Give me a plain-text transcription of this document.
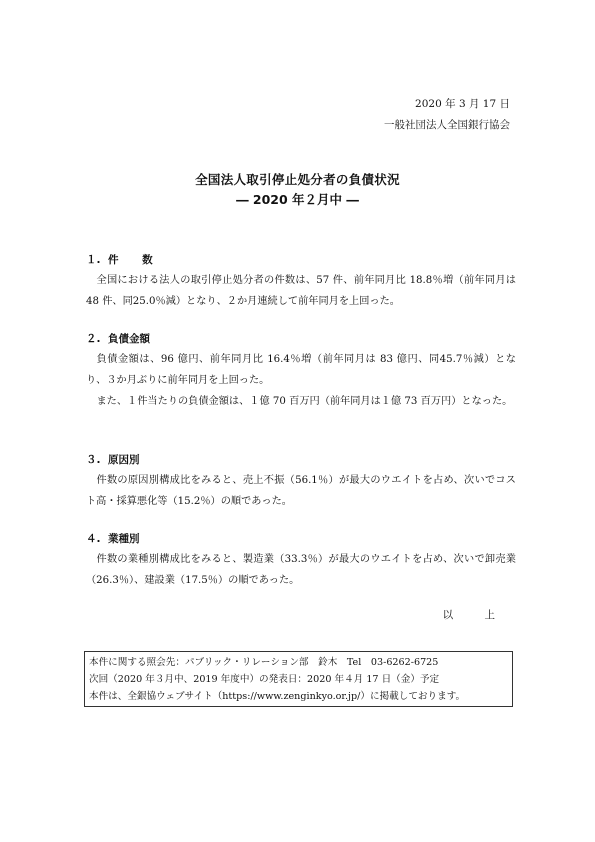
2020 年 3 月 17 日
一般社団法人全国銀行協会
全国法人取引停止処分者の負債状況
― 2020 年２月中 ―
１. 件 数

全国における法人の取引停止処分者の件数は、57 件、前年同月比 18.8％増（前年同月は 48 件、同25.0％減）となり、２か月連続して前年同月を上回った。

２. 負債金額

負債金額は、96 億円、前年同月比 16.4％増（前年同月は 83 億円、同45.7％減）となり、３か月ぶりに前年同月を上回った。

また、１件当たりの負債金額は、１億 70 百万円（前年同月は１億 73 百万円）となった。

３. 原因別

件数の原因別構成比をみると、売上不振（56.1％）が最大のウエイトを占め、次いでコスト高・採算悪化等（15.2％）の順であった。

４. 業種別

件数の業種別構成比をみると、製造業（33.3％）が最大のウエイトを占め、次いで卸売業（26.3％）、建設業（17.5％）の順であった。

以 上
本件に関する照会先：パブリック・リレーション部　鈴木　Tel　03-6262-6725
次回（2020 年３月中、2019 年度中）の発表日：2020 年４月 17 日（金）予定
本件は、全銀協ウェブサイト（https://www.zenginkyo.or.jp/）に掲載しております。
